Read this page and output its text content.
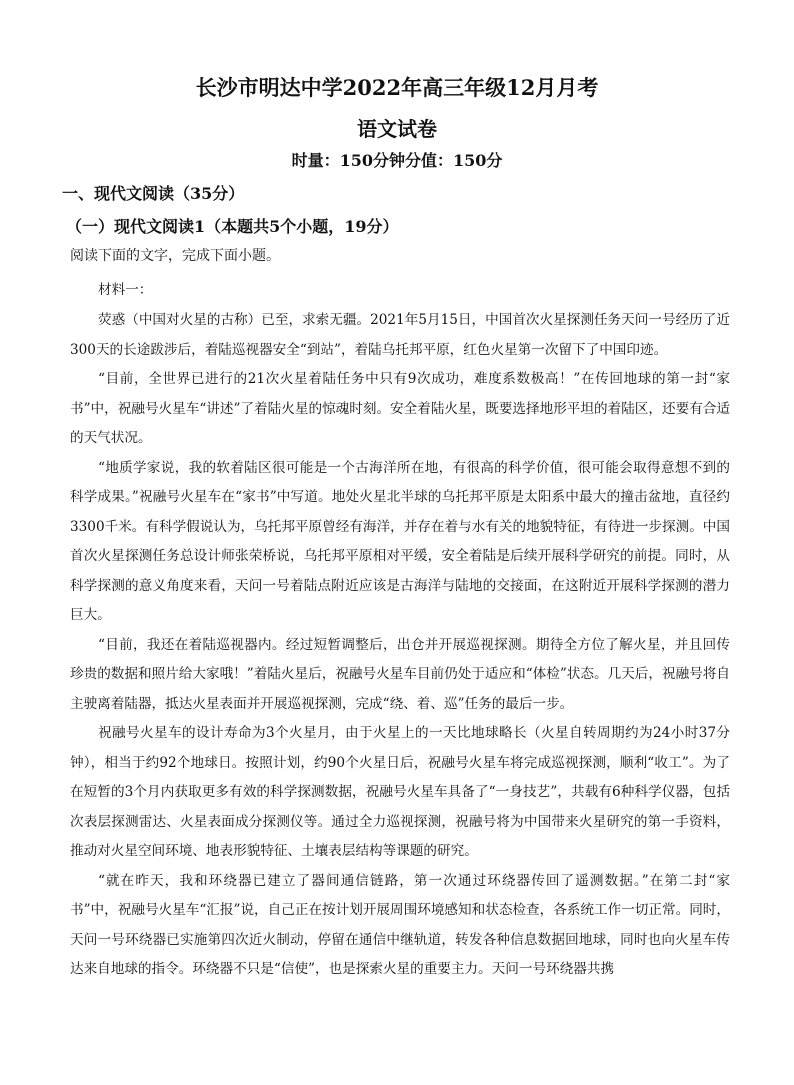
长沙市明达中学2022年高三年级12月月考
语文试卷
时量：150分钟分值：150分
一、现代文阅读（35分）
（一）现代文阅读1（本题共5个小题，19分）
阅读下面的文字，完成下面小题。
材料一：

荧惑（中国对火星的古称）已至，求索无疆。2021年5月15日，中国首次火星探测任务天问一号经历了近300天的长途跋涉后，着陆巡视器安全“到站”，着陆乌托邦平原，红色火星第一次留下了中国印迹。

“目前，全世界已进行的21次火星着陆任务中只有9次成功，难度系数极高！”在传回地球的第一封“家书”中，祝融号火星车“讲述”了着陆火星的惊魂时刻。安全着陆火星，既要选择地形平坦的着陆区，还要有合适的天气状况。

“地质学家说，我的软着陆区很可能是一个古海洋所在地，有很高的科学价值，很可能会取得意想不到的科学成果。”祝融号火星车在“家书”中写道。地处火星北半球的乌托邦平原是太阳系中最大的撞击盆地，直径约3300千米。有科学假说认为，乌托邦平原曾经有海洋，并存在着与水有关的地貌特征，有待进一步探测。中国首次火星探测任务总设计师张荣桥说，乌托邦平原相对平缓，安全着陆是后续开展科学研究的前提。同时，从科学探测的意义角度来看，天问一号着陆点附近应该是古海洋与陆地的交接面，在这附近开展科学探测的潜力巨大。

“目前，我还在着陆巡视器内。经过短暂调整后，出仓并开展巡视探测。期待全方位了解火星，并且回传珍贵的数据和照片给大家哦！”着陆火星后，祝融号火星车目前仍处于适应和“体检”状态。几天后，祝融号将自主驶离着陆器，抵达火星表面并开展巡视探测，完成“绕、着、巡”任务的最后一步。

祝融号火星车的设计寿命为3个火星月，由于火星上的一天比地球略长（火星自转周期约为24小时37分钟），相当于约92个地球日。按照计划，约90个火星日后，祝融号火星车将完成巡视探测，顺利“收工”。为了在短暂的3个月内获取更多有效的科学探测数据，祝融号火星车具备了“一身技艺”，共载有6种科学仪器，包括次表层探测雷达、火星表面成分探测仪等。通过全力巡视探测，祝融号将为中国带来火星研究的第一手资料，推动对火星空间环境、地表形貌特征、土壤表层结构等课题的研究。

“就在昨天，我和环绕器已建立了器间通信链路，第一次通过环绕器传回了遥测数据。”在第二封“家书”中，祝融号火星车“汇报”说，自己正在按计划开展周围环境感知和状态检查，各系统工作一切正常。同时，天问一号环绕器已实施第四次近火制动，停留在通信中继轨道，转发各种信息数据回地球，同时也向火星车传达来自地球的指令。环绕器不只是“信使”，也是探索火星的重要主力。天问一号环绕器共携
